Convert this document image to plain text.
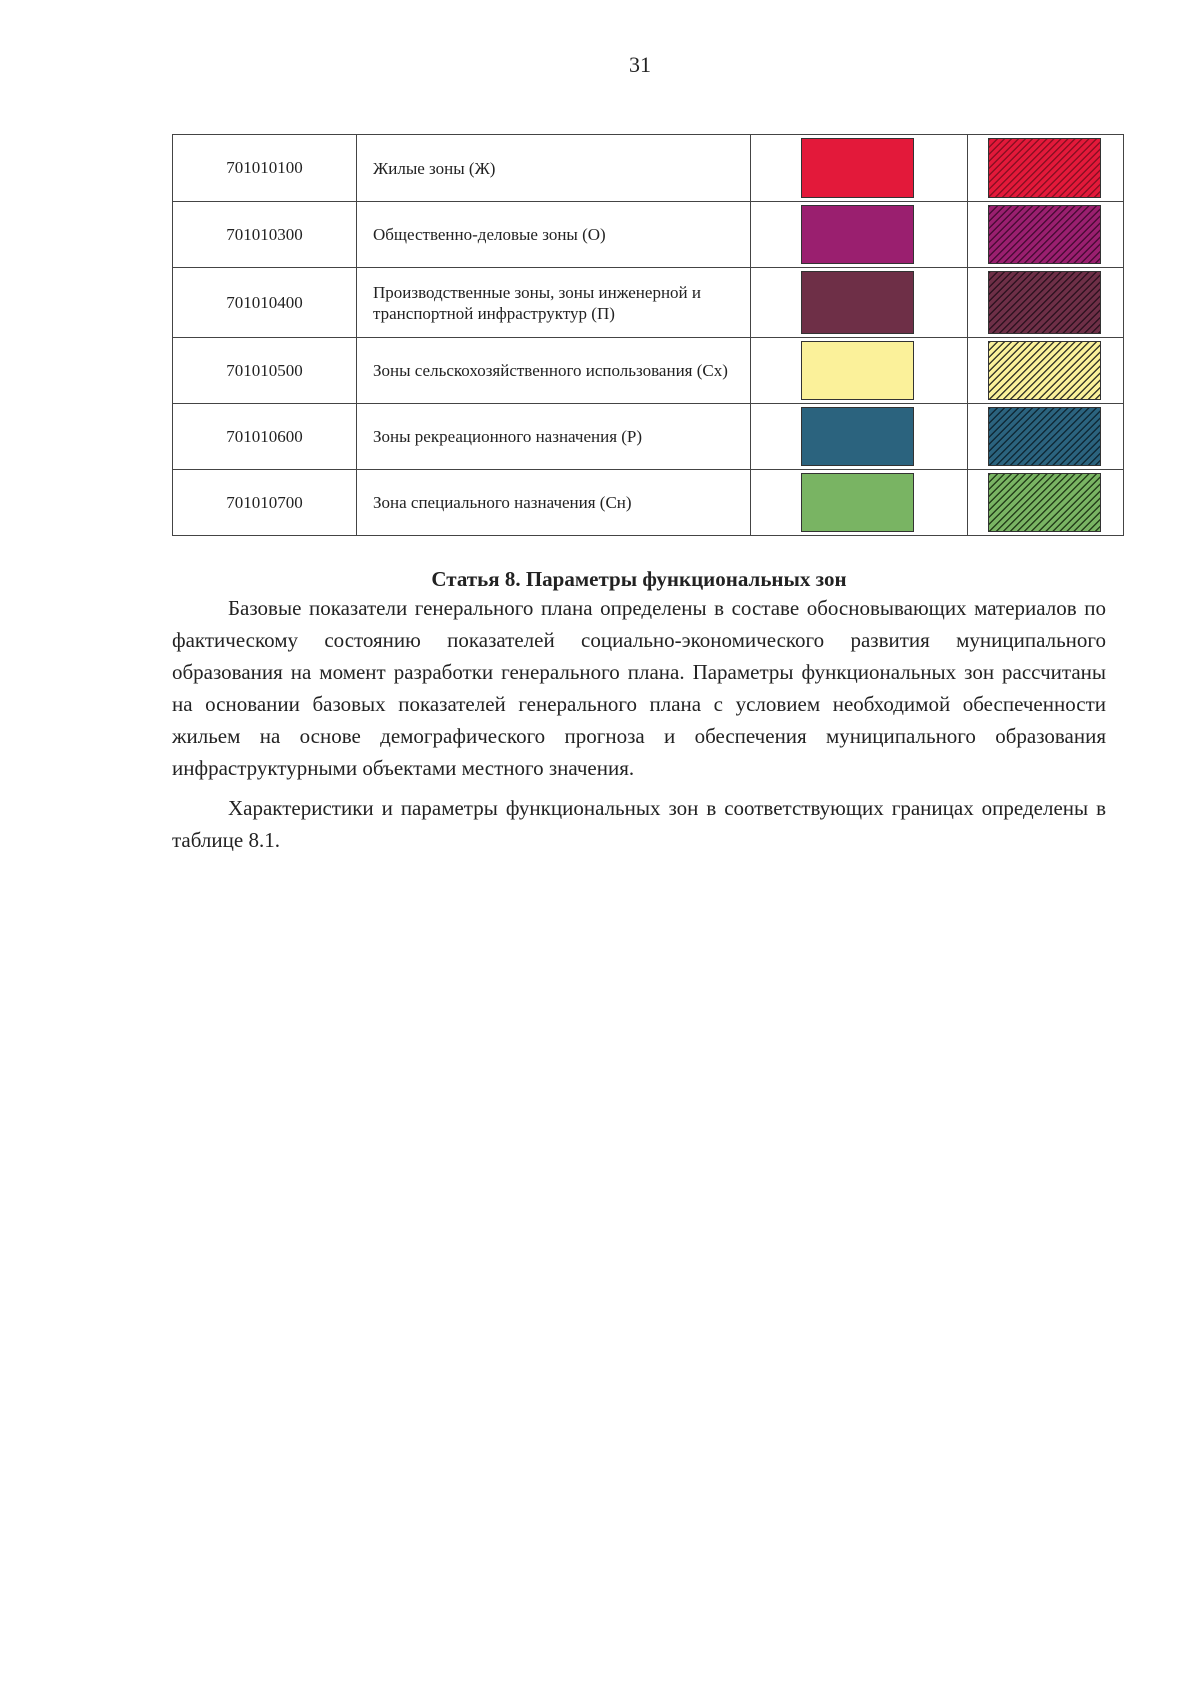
31
701010100	Жилые зоны (Ж)	

701010300	Общественно-деловые зоны (О)	

701010400	Производственные зоны, зоны инженерной и транспортной инфраструктур (П)	

701010500	Зоны сельскохозяйственного использования (Сх)	

701010600	Зоны рекреационного назначения (Р)	

701010700	Зона специального назначения (Сн)	

Статья 8. Параметры функциональных зон

Базовые показатели генерального плана определены в составе обосновывающих материалов по фактическому состоянию показателей социально-экономического развития муниципального образования на момент разработки генерального плана. Параметры функциональных зон рассчитаны на основании базовых показателей генерального плана с условием необходимой обеспеченности жильем на основе демографического прогноза и обеспечения муниципального образования инфраструктурными объектами местного значения.

Характеристики и параметры функциональных зон в соответствующих границах определены в таблице 8.1.
